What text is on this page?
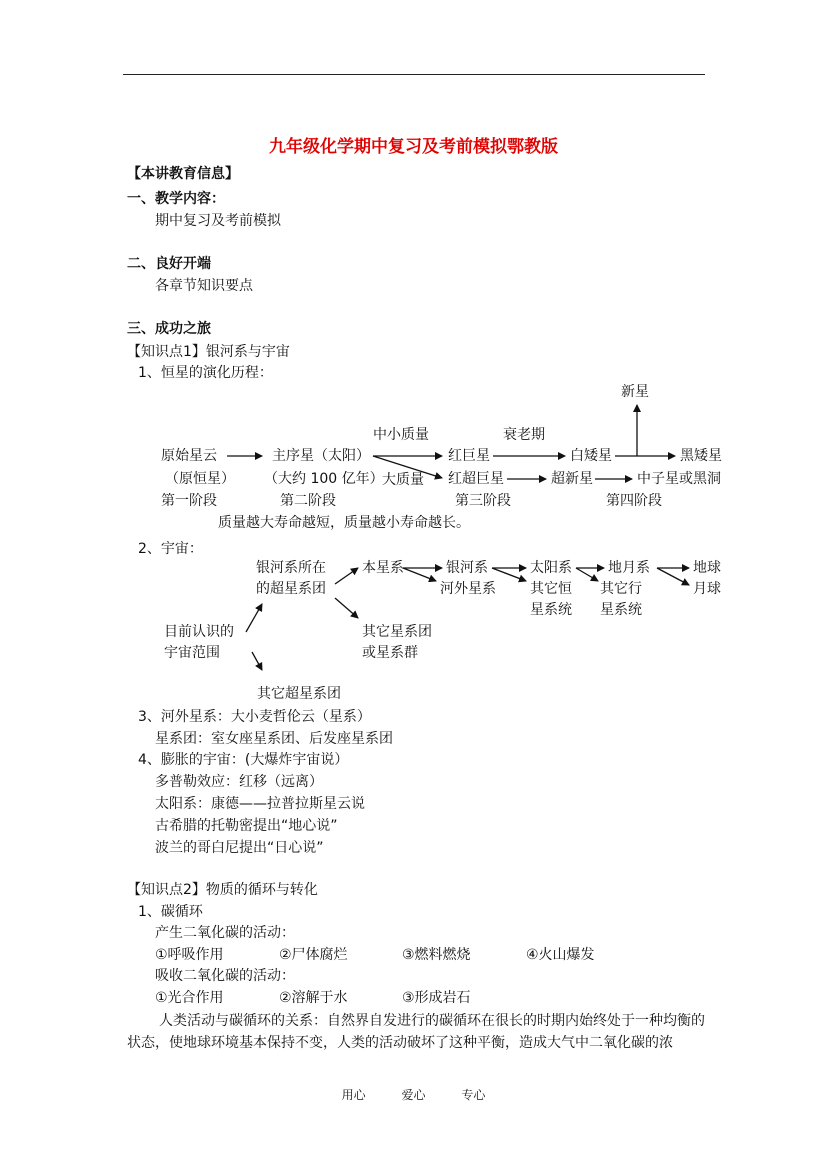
九年级化学期中复习及考前模拟鄂教版
【本讲教育信息】
一、教学内容：
期中复习及考前模拟
二、良好开端
各章节知识要点
三、成功之旅
【知识点1】银河系与宇宙
1、恒星的演化历程：
原始星云
（原恒星）
第一阶段
主序星（太阳）
（大约 100 亿年）
第二阶段
中小质量
大质量
红巨星
红超巨星
第三阶段
衰老期
白矮星
超新星
第四阶段
新星
黑矮星
中子星或黑洞
质量越大寿命越短，质量越小寿命越长。
2、宇宙：
目前认识的
宇宙范围
银河系所在
的超星系团
其它超星系团
本星系
其它星系团
或星系群
银河系
河外星系
太阳系
其它恒
星系统
地月系
其它行
星系统
地球
月球
3、河外星系：大小麦哲伦云（星系）
星系团：室女座星系团、后发座星系团
4、膨胀的宇宙：(大爆炸宇宙说）
多普勒效应：红移（远离）
太阳系：康德——拉普拉斯星云说
古希腊的托勒密提出“地心说”
波兰的哥白尼提出“日心说”
【知识点2】物质的循环与转化
1、碳循环
产生二氧化碳的活动：
①呼吸作用	②尸体腐烂	③燃料燃烧	④火山爆发
吸收二氧化碳的活动：
①光合作用	②溶解于水	③形成岩石
人类活动与碳循环的关系：自然界自发进行的碳循环在很长的时期内始终处于一种均衡的状态，使地球环境基本保持不变，人类的活动破坏了这种平衡，造成大气中二氧化碳的浓
用心	爱心	专心
